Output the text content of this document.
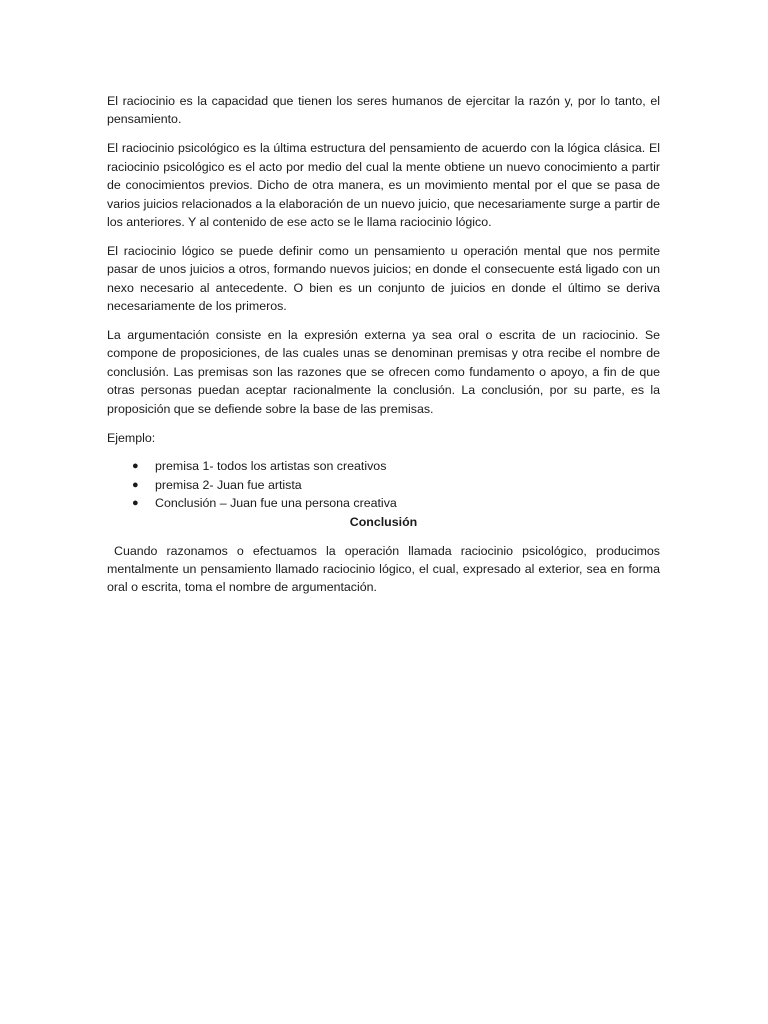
El raciocinio es la capacidad que tienen los seres humanos de ejercitar la razón y, por lo tanto, el pensamiento.

El raciocinio psicológico es la última estructura del pensamiento de acuerdo con la lógica clásica. El raciocinio psicológico es el acto por medio del cual la mente obtiene un nuevo conocimiento a partir de conocimientos previos. Dicho de otra manera, es un movimiento mental por el que se pasa de varios juicios relacionados a la elaboración de un nuevo juicio, que necesariamente surge a partir de los anteriores. Y al contenido de ese acto se le llama raciocinio lógico.

El raciocinio lógico se puede definir como un pensamiento u operación mental que nos permite pasar de unos juicios a otros, formando nuevos juicios; en donde el consecuente está ligado con un nexo necesario al antecedente. O bien es un conjunto de juicios en donde el último se deriva necesariamente de los primeros.

La argumentación consiste en la expresión externa ya sea oral o escrita de un raciocinio. Se compone de proposiciones, de las cuales unas se denominan premisas y otra recibe el nombre de conclusión. Las premisas son las razones que se ofrecen como fundamento o apoyo, a fin de que otras personas puedan aceptar racionalmente la conclusión. La conclusión, por su parte, es la proposición que se defiende sobre la base de las premisas.

Ejemplo:

● premisa 1- todos los artistas son creativos
● premisa 2- Juan fue artista
● Conclusión – Juan fue una persona creativa

Conclusión

Cuando razonamos o efectuamos la operación llamada raciocinio psicológico, producimos mentalmente un pensamiento llamado raciocinio lógico, el cual, expresado al exterior, sea en forma oral o escrita, toma el nombre de argumentación.
